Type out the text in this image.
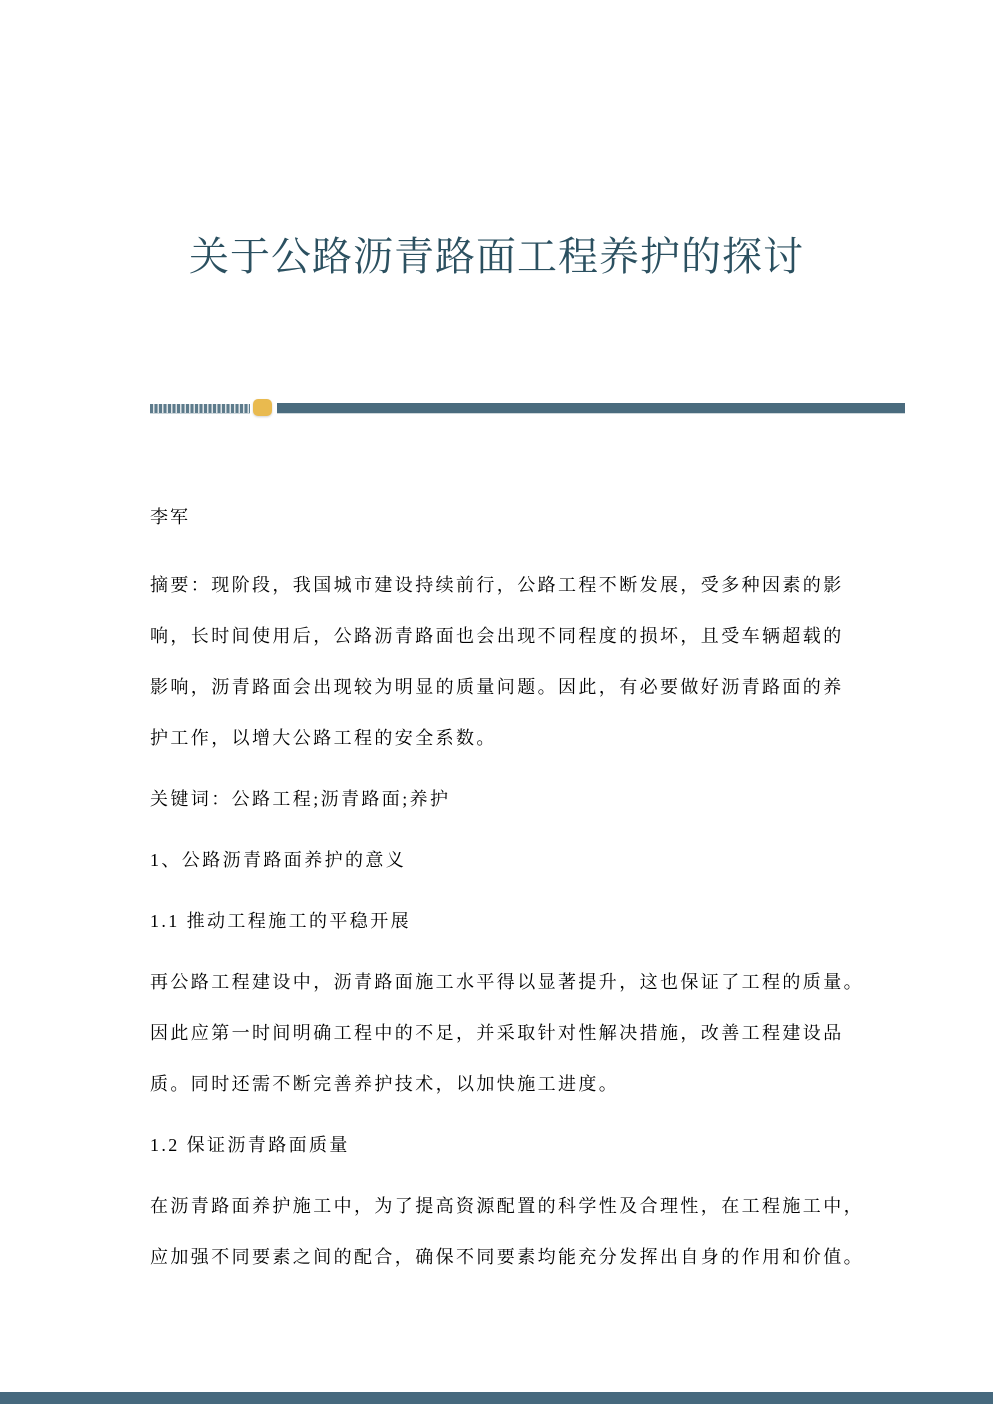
关于公路沥青路面工程养护的探讨
李军
摘要：现阶段，我国城市建设持续前行，公路工程不断发展，受多种因素的影
响，长时间使用后，公路沥青路面也会出现不同程度的损坏，且受车辆超载的
影响，沥青路面会出现较为明显的质量问题。因此，有必要做好沥青路面的养
护工作，以增大公路工程的安全系数。
关键词：公路工程;沥青路面;养护
1、公路沥青路面养护的意义
1.1 推动工程施工的平稳开展
再公路工程建设中，沥青路面施工水平得以显著提升，这也保证了工程的质量。
因此应第一时间明确工程中的不足，并采取针对性解决措施，改善工程建设品
质。同时还需不断完善养护技术，以加快施工进度。
1.2 保证沥青路面质量
在沥青路面养护施工中，为了提高资源配置的科学性及合理性，在工程施工中，
应加强不同要素之间的配合，确保不同要素均能充分发挥出自身的作用和价值。
